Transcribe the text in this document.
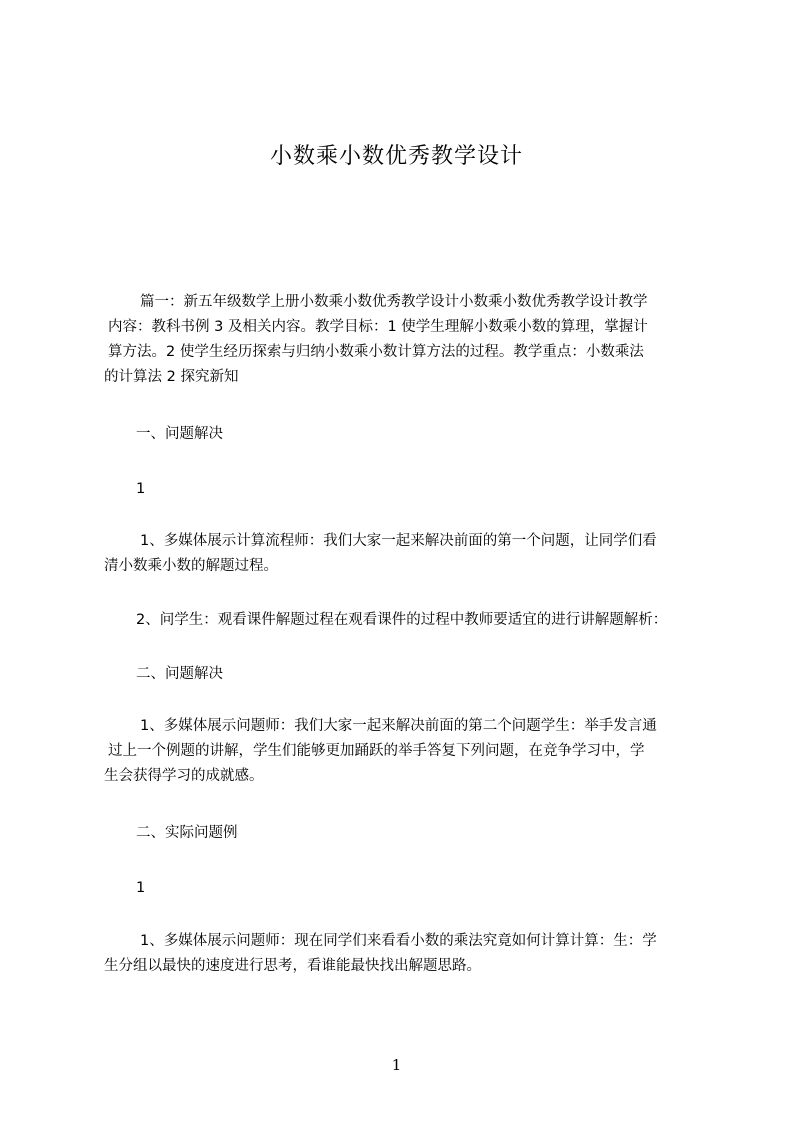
小数乘小数优秀教学设计
篇一：新五年级数学上册小数乘小数优秀教学设计小数乘小数优秀教学设计教学
内容：教科书例 3 及相关内容。教学目标：1 使学生理解小数乘小数的算理，掌握计
算方法。2 使学生经历探索与归纳小数乘小数计算方法的过程。教学重点：小数乘法
的计算法 2 探究新知
一、问题解决
1
1、多媒体展示计算流程师：我们大家一起来解决前面的第一个问题，让同学们看
清小数乘小数的解题过程。
2、问学生：观看课件解题过程在观看课件的过程中教师要适宜的进行讲解题解析：
二、问题解决
1、多媒体展示问题师：我们大家一起来解决前面的第二个问题学生：举手发言通
过上一个例题的讲解，学生们能够更加踊跃的举手答复下列问题，在竞争学习中，学
生会获得学习的成就感。
二、实际问题例
1
1、多媒体展示问题师：现在同学们来看看小数的乘法究竟如何计算计算：生：学
生分组以最快的速度进行思考，看谁能最快找出解题思路。
1
